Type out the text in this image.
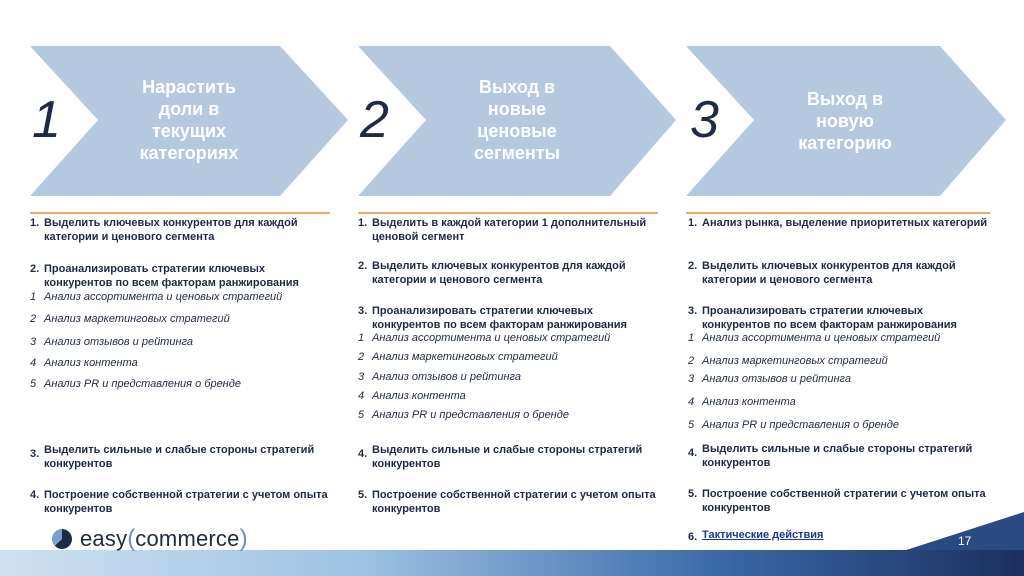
1	2	3
Нарастить доли в текущих категориях
Выход в новые ценовые сегменты
Выход в новую категорию
1. Выделить ключевых конкурентов для каждой категории и ценового сегмента
2. Проанализировать стратегии ключевых конкурентов по всем факторам ранжирования
1 Анализ ассортимента и ценовых стратегий
2 Анализ маркетинговых стратегий
3 Анализ отзывов и рейтинга
4 Анализ контента
5 Анализ PR и представления о бренде
3. Выделить сильные и слабые стороны стратегий конкурентов
4. Построение собственной стратегии с учетом опыта конкурентов
1. Выделить в каждой категории 1 дополнительный ценовой сегмент
2. Выделить ключевых конкурентов для каждой категории и ценового сегмента
3. Проанализировать стратегии ключевых конкурентов по всем факторам ранжирования
1 Анализ ассортимента и ценовых стратегий
2 Анализ маркетинговых стратегий
3 Анализ отзывов и рейтинга
4 Анализ контента
5 Анализ PR и представления о бренде
4. Выделить сильные и слабые стороны стратегий конкурентов
5. Построение собственной стратегии с учетом опыта конкурентов
1. Анализ рынка, выделение приоритетных категорий
2. Выделить ключевых конкурентов для каждой категории и ценового сегмента
3. Проанализировать стратегии ключевых конкурентов по всем факторам ранжирования
1 Анализ ассортимента и ценовых стратегий
2 Анализ маркетинговых стратегий
3 Анализ отзывов и рейтинга
4 Анализ контента
5 Анализ PR и представления о бренде
4. Выделить сильные и слабые стороны стратегий конкурентов
5. Построение собственной стратегии с учетом опыта конкурентов
6. Тактические действия	17
easy ( commerce )
